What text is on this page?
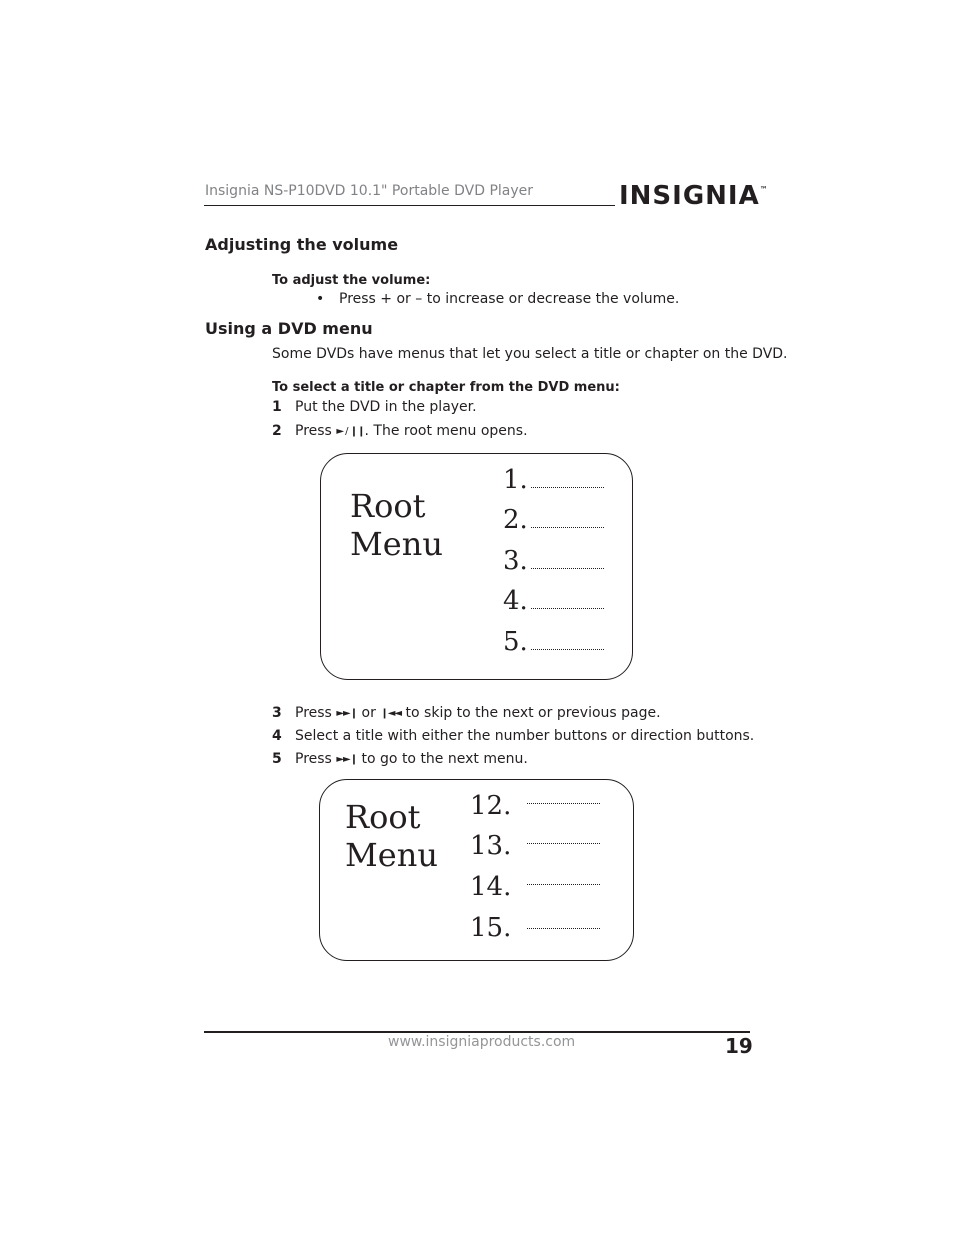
Insignia NS-P10DVD 10.1" Portable DVD Player	INSIGNIA™
Adjusting the volume
To adjust the volume:
• Press + or – to increase or decrease the volume.
Using a DVD menu
Some DVDs have menus that let you select a title or chapter on the DVD.
To select a title or chapter from the DVD menu:
1 Put the DVD in the player.
2 Press ► / ❙❙. The root menu opens.
Root
Menu
1.
2.
3.
4.
5.
3 Press ►►❙ or ❙◄◄ to skip to the next or previous page.
4 Select a title with either the number buttons or direction buttons.
5 Press ►►❙ to go to the next menu.
Root
Menu
12.
13.
14.
15.
www.insigniaproducts.com	19
